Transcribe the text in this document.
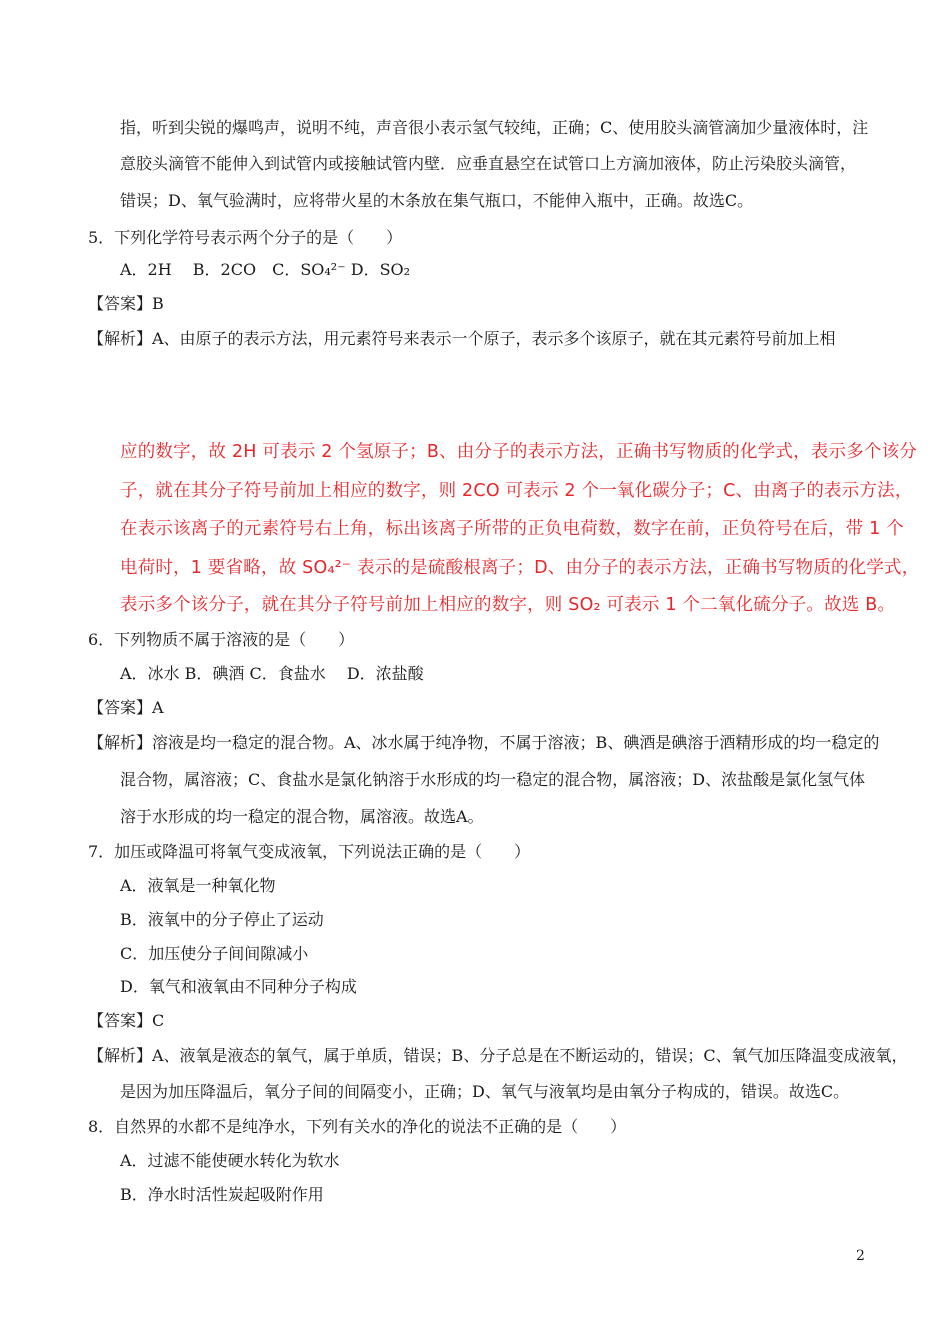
指，听到尖锐的爆鸣声，说明不纯，声音很小表示氢气较纯，正确；C、使用胶头滴管滴加少量液体时，注
意胶头滴管不能伸入到试管内或接触试管内壁．应垂直悬空在试管口上方滴加液体，防止污染胶头滴管，
错误；D、氧气验满时，应将带火星的木条放在集气瓶口，不能伸入瓶中，正确。故选C。
5．下列化学符号表示两个分子的是（　　）
A．2H　 B．2CO　C．SO₄²⁻ D．SO₂
【答案】B
【解析】A、由原子的表示方法，用元素符号来表示一个原子，表示多个该原子，就在其元素符号前加上相
应的数字，故 2H 可表示 2 个氢原子；B、由分子的表示方法，正确书写物质的化学式，表示多个该分
子，就在其分子符号前加上相应的数字，则 2CO 可表示 2 个一氧化碳分子；C、由离子的表示方法，
在表示该离子的元素符号右上角，标出该离子所带的正负电荷数，数字在前，正负符号在后，带 1 个
电荷时，1 要省略，故 SO₄²⁻ 表示的是硫酸根离子；D、由分子的表示方法，正确书写物质的化学式，
表示多个该分子，就在其分子符号前加上相应的数字，则 SO₂ 可表示 1 个二氧化硫分子。故选 B。
6．下列物质不属于溶液的是（　　）
A．冰水 B．碘酒 C．食盐水　 D．浓盐酸
【答案】A
【解析】溶液是均一稳定的混合物。A、冰水属于纯净物，不属于溶液；B、碘酒是碘溶于酒精形成的均一稳定的
混合物，属溶液；C、食盐水是氯化钠溶于水形成的均一稳定的混合物，属溶液；D、浓盐酸是氯化氢气体
溶于水形成的均一稳定的混合物，属溶液。故选A。
7．加压或降温可将氧气变成液氧，下列说法正确的是（　　）
A．液氧是一种氧化物
B．液氧中的分子停止了运动
C．加压使分子间间隙减小
D．氧气和液氧由不同种分子构成
【答案】C
【解析】A、液氧是液态的氧气，属于单质，错误；B、分子总是在不断运动的，错误；C、氧气加压降温变成液氧，
是因为加压降温后，氧分子间的间隔变小，正确；D、氧气与液氧均是由氧分子构成的，错误。故选C。
8．自然界的水都不是纯净水，下列有关水的净化的说法不正确的是（　　）
A．过滤不能使硬水转化为软水
B．净水时活性炭起吸附作用
2
